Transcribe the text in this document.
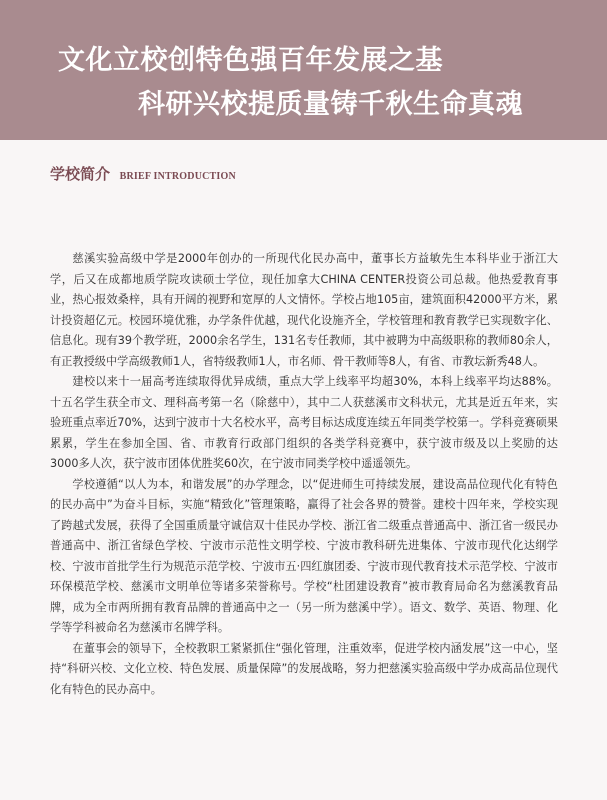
文化立校创特色强百年发展之基
科研兴校提质量铸千秋生命真魂
学校简介 BRIEF INTRODUCTION

慈溪实验高级中学是2000年创办的一所现代化民办高中，董事长方益敏先生本科毕业于浙江大学，后又在成都地质学院攻读硕士学位，现任加拿大CHINA CENTER投资公司总裁。他热爱教育事业，热心报效桑梓，具有开阔的视野和宽厚的人文情怀。学校占地105亩，建筑面积42000平方米，累计投资超亿元。校园环境优雅，办学条件优越，现代化设施齐全，学校管理和教育教学已实现数字化、信息化。现有39个教学班，2000余名学生，131名专任教师，其中被聘为中高级职称的教师80余人，有正教授级中学高级教师1人，省特级教师1人，市名师、骨干教师等8人，有省、市教坛新秀48人。

建校以来十一届高考连续取得优异成绩，重点大学上线率平均超30%，本科上线率平均达88%。十五名学生获全市文、理科高考第一名（除慈中），其中二人获慈溪市文科状元，尤其是近五年来，实验班重点率近70%，达到宁波市十大名校水平，高考目标达成度连续五年同类学校第一。学科竞赛硕果累累，学生在参加全国、省、市教育行政部门组织的各类学科竞赛中，获宁波市级及以上奖励的达3000多人次，获宁波市团体优胜奖60次，在宁波市同类学校中遥遥领先。

学校遵循“以人为本，和谐发展”的办学理念，以“促进师生可持续发展，建设高品位现代化有特色的民办高中”为奋斗目标，实施“精致化”管理策略，赢得了社会各界的赞誉。建校十四年来，学校实现了跨越式发展，获得了全国重质量守诚信双十佳民办学校、浙江省二级重点普通高中、浙江省一级民办普通高中、浙江省绿色学校、宁波市示范性文明学校、宁波市教科研先进集体、宁波市现代化达纲学校、宁波市首批学生行为规范示范学校、宁波市五·四红旗团委、宁波市现代教育技术示范学校、宁波市环保模范学校、慈溪市文明单位等诸多荣誉称号。学校“杜团建设教育”被市教育局命名为慈溪教育品牌，成为全市两所拥有教育品牌的普通高中之一（另一所为慈溪中学）。语文、数学、英语、物理、化学等学科被命名为慈溪市名牌学科。

在董事会的领导下，全校教职工紧紧抓住“强化管理，注重效率，促进学校内涵发展”这一中心，坚持“科研兴校、文化立校、特色发展、质量保障”的发展战略，努力把慈溪实验高级中学办成高品位现代化有特色的民办高中。
